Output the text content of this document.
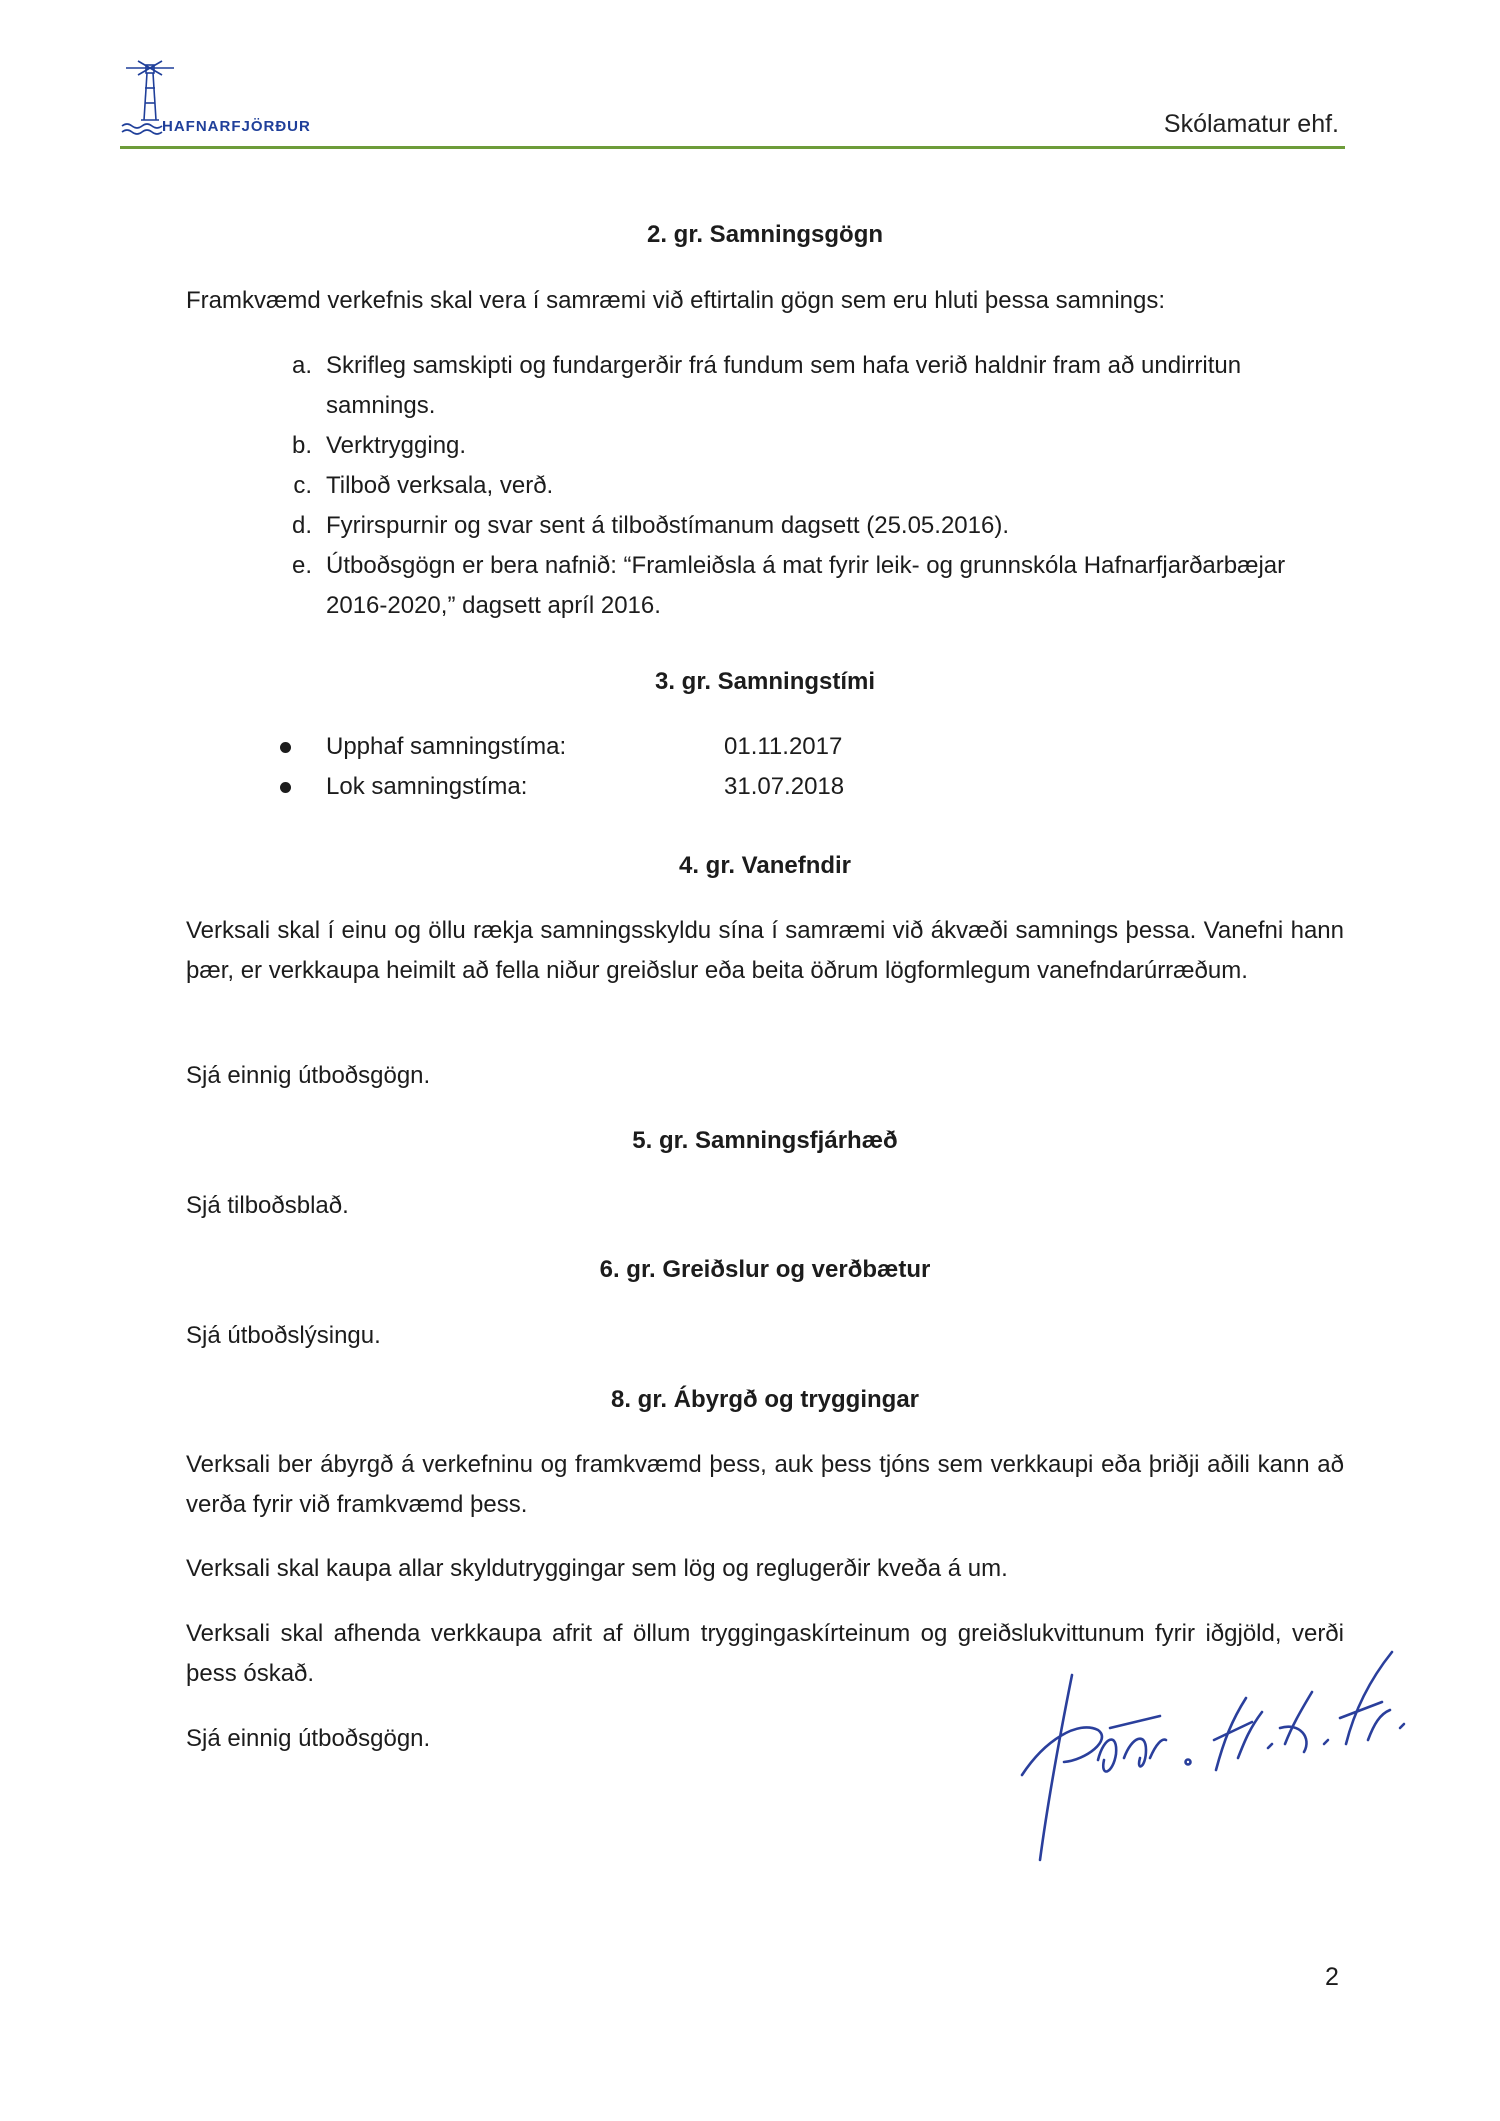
HAFNARFJÖRÐUR	Skólamatur ehf.
2. gr. Samningsgögn
Framkvæmd verkefnis skal vera í samræmi við eftirtalin gögn sem eru hluti þessa samnings:
a. Skrifleg samskipti og fundargerðir frá fundum sem hafa verið haldnir fram að undirritun samnings.
b. Verktrygging.
c. Tilboð verksala, verð.
d. Fyrirspurnir og svar sent á tilboðstímanum dagsett (25.05.2016).
e. Útboðsgögn er bera nafnið: “Framleiðsla á mat fyrir leik- og grunnskóla Hafnarfjarðarbæjar 2016-2020,” dagsett apríl 2016.
3. gr. Samningstími
Upphaf samningstíma:	01.11.2017
Lok samningstíma:	31.07.2018
4. gr. Vanefndir
Verksali skal í einu og öllu rækja samningsskyldu sína í samræmi við ákvæði samnings þessa. Vanefni hann þær, er verkkaupa heimilt að fella niður greiðslur eða beita öðrum lögformlegum vanefndarúrræðum.
Sjá einnig útboðsgögn.
5. gr. Samningsfjárhæð
Sjá tilboðsblað.
6. gr. Greiðslur og verðbætur
Sjá útboðslýsingu.
8. gr. Ábyrgð og tryggingar
Verksali ber ábyrgð á verkefninu og framkvæmd þess, auk þess tjóns sem verkkaupi eða þriðji aðili kann að verða fyrir við framkvæmd þess.
Verksali skal kaupa allar skyldutryggingar sem lög og reglugerðir kveða á um.
Verksali skal afhenda verkkaupa afrit af öllum tryggingaskírteinum og greiðslukvittunum fyrir iðgjöld, verði þess óskað.
Sjá einnig útboðsgögn.
2
